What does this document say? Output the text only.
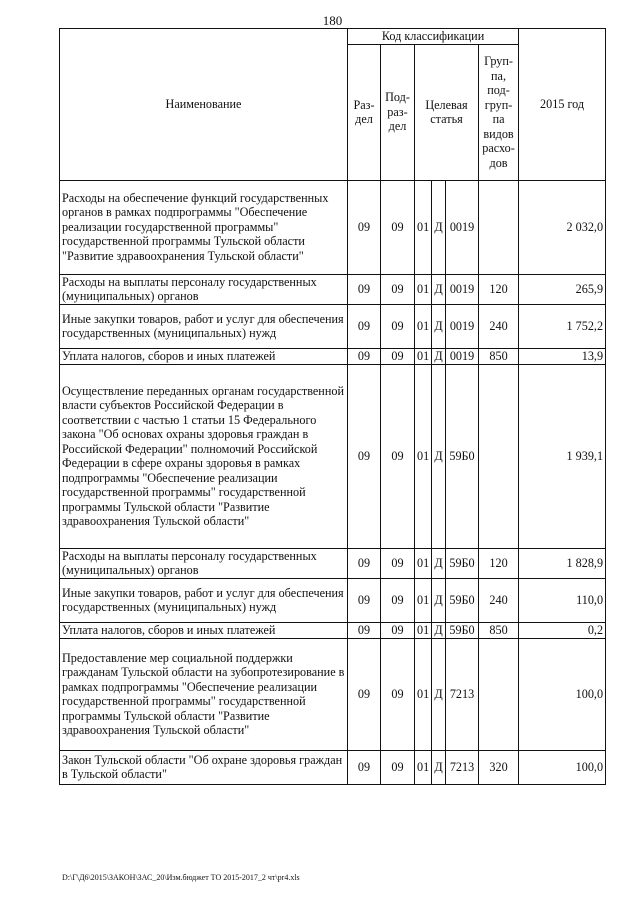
180
Наименование	Код классификации						2015 год
	Раз-дел	Под-раз-дел	Целевая статья			Груп-па, под-груп-па видов расхо-дов	
Расходы на обеспечение функций государственных органов в рамках подпрограммы "Обеспечение реализации государственной программы" государственной программы Тульской области "Развитие здравоохранения Тульской области"	09	09	01	Д	0019		2 032,0
Расходы на выплаты персоналу государственных (муниципальных) органов	09	09	01	Д	0019	120	265,9
Иные закупки товаров, работ и услуг для обеспечения государственных (муниципальных) нужд	09	09	01	Д	0019	240	1 752,2
Уплата налогов, сборов и иных платежей	09	09	01	Д	0019	850	13,9
Осуществление переданных органам государственной власти субъектов Российской Федерации в соответствии с частью 1 статьи 15 Федерального закона "Об основах охраны здоровья граждан в Российской Федерации" полномочий Российской Федерации в сфере охраны здоровья в рамках подпрограммы "Обеспечение реализации государственной программы" государственной программы Тульской области "Развитие здравоохранения Тульской области"	09	09	01	Д	59Б0		1 939,1
Расходы на выплаты персоналу государственных (муниципальных) органов	09	09	01	Д	59Б0	120	1 828,9
Иные закупки товаров, работ и услуг для обеспечения государственных (муниципальных) нужд	09	09	01	Д	59Б0	240	110,0
Уплата налогов, сборов и иных платежей	09	09	01	Д	59Б0	850	0,2
Предоставление мер социальной поддержки гражданам Тульской области на зубопротезирование в рамках подпрограммы "Обеспечение реализации государственной программы" государственной программы Тульской области "Развитие здравоохранения Тульской области"	09	09	01	Д	7213		100,0
Закон Тульской области "Об охране здоровья граждан в Тульской области"	09	09	01	Д	7213	320	100,0
D:\Г\Д6\2015\ЗАКОН\ЗАС_20\Изм.бюджет ТО 2015-2017_2 чт\pr4.xls
